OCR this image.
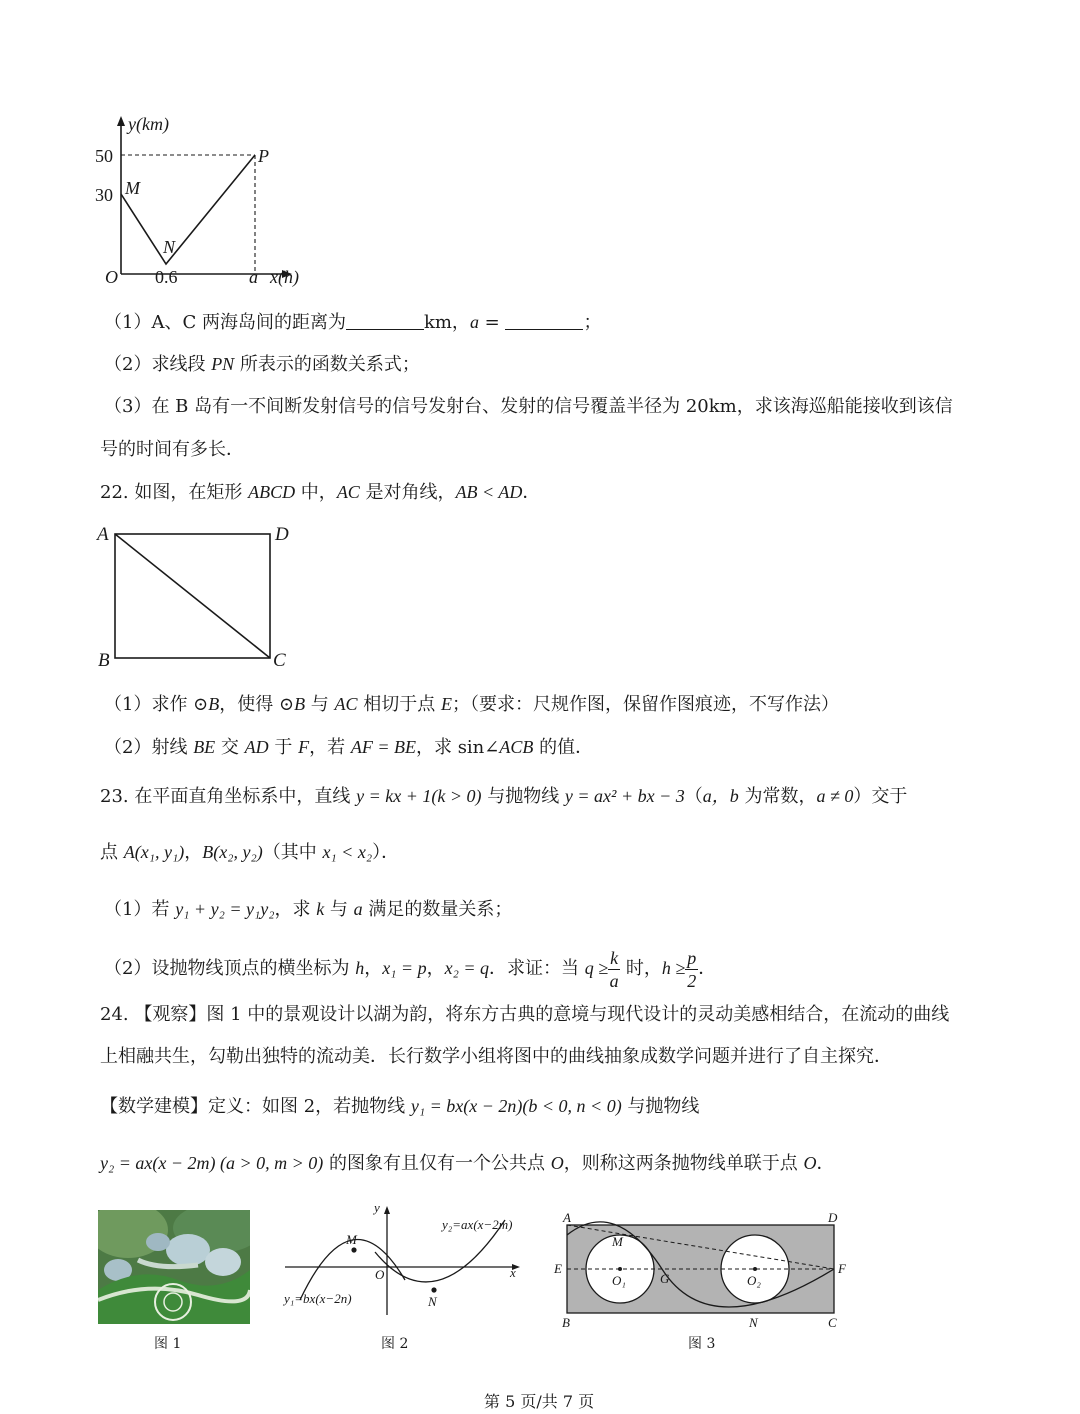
y(km)
50
30 M
N
P
O 0.6	a x(h)
（1）A、C 两海岛间的距离为	km，a =	；
（2）求线段 PN 所表示的函数关系式；
（3）在 B 岛有一不间断发射信号的信号发射台、发射的信号覆盖半径为 20km，求该海巡船能接收到该信
号的时间有多长．
22. 如图，在矩形 ABCD 中，AC 是对角线，AB < AD．
A	D
B	C
（1）求作 ⊙B，使得 ⊙B 与 AC 相切于点 E；（要求：尺规作图，保留作图痕迹，不写作法）
（2）射线 BE 交 AD 于 F，若 AF = BE，求 sin∠ACB 的值．
23. 在平面直角坐标系中，直线 y = kx + 1(k > 0) 与抛物线 y = ax² + bx − 3（a，b 为常数，a ≠ 0）交于
点 A(x₁, y₁)，B(x₂, y₂)（其中 x₁ < x₂）．
（1）若 y₁ + y₂ = y₁y₂，求 k 与 a 满足的数量关系；
（2）设抛物线顶点的横坐标为 h，x₁ = p，x₂ = q．求证：当 $q \ge \frac{k}{a}$ 时，$h \ge \frac{p}{2}$ ．
24. 【观察】图 1 中的景观设计以湖为韵，将东方古典的意境与现代设计的灵动美感相结合，在流动的曲线
上相融共生，勾勒出独特的流动美．长行数学小组将图中的曲线抽象成数学问题并进行了自主探究．
【数学建模】定义：如图 2，若抛物线 y₁ = bx(x − 2n)(b < 0, n < 0) 与抛物线
y₂ = ax(x − 2m) (a > 0, m > 0) 的图象有且仅有一个公共点 O，则称这两条抛物线单联于点 O．
y
x
O
M
N
y₂=ax(x−2m)
y₁=bx(x−2n)
A	D
E	F
M
G
O₁	O₂
B	N	C
图 1	图 2	图 3
第 5 页/共 7 页
